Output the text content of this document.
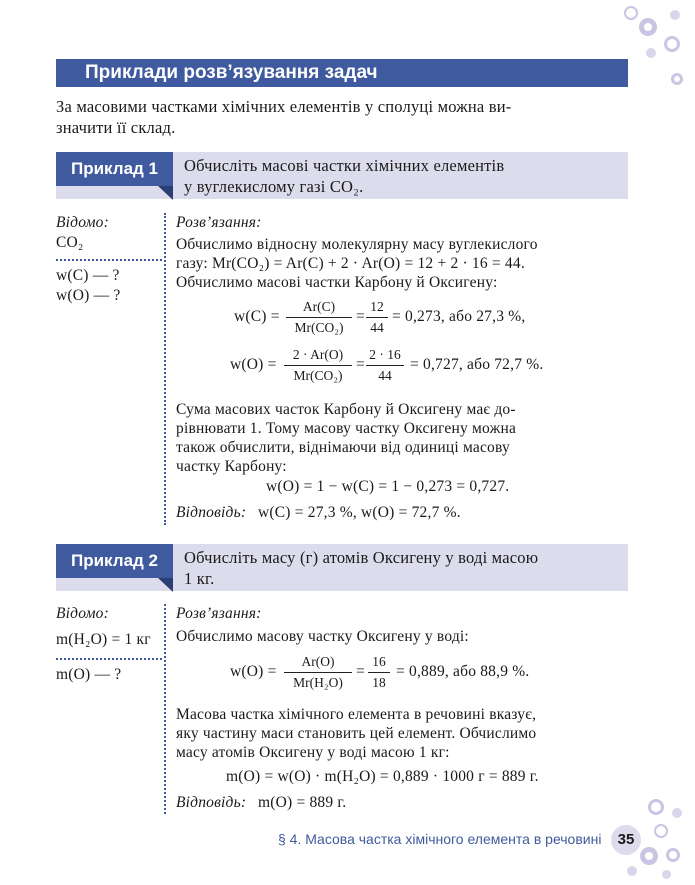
Приклади розв’язування задач
За масовими частками хімічних елементів у сполуці можна ви-
значити її склад.
Приклад 1	Обчисліть масові частки хімічних елементів
у вуглекислому газі CO₂.
Відомо:
CO₂
w(C) — ?
w(O) — ?
Розв’язання:
Обчислимо відносну молекулярну масу вуглекислого
газу: Mr(CO₂) = Ar(C) + 2 · Ar(O) = 12 + 2 · 16 = 44.
Обчислимо масові частки Карбону й Оксигену:
w(C) =
Ar(C)
Mr(CO₂)
=
12
44
= 0,273, або 27,3 %,
w(O) =
2 · Ar(O)
Mr(CO₂)
=
2 · 16
44
= 0,727, або 72,7 %.
Сума масових часток Карбону й Оксигену має до-
рівнювати 1. Тому масову частку Оксигену можна
також обчислити, віднімаючи від одиниці масову
частку Карбону:
w(O) = 1 − w(C) = 1 − 0,273 = 0,727.
Відповідь: w(C) = 27,3 %, w(O) = 72,7 %.
Приклад 2	Обчисліть масу (г) атомів Оксигену у воді масою
1 кг.
Відомо:
m(H₂O) = 1 кг
m(O) — ?
Розв’язання:
Обчислимо масову частку Оксигену у воді:
w(O) =
Ar(O)
Mr(H₂O)
=
16
18
= 0,889, або 88,9 %.
Масова частка хімічного елемента в речовині вказує,
яку частину маси становить цей елемент. Обчислимо
масу атомів Оксигену у воді масою 1 кг:
m(O) = w(O) · m(H₂O) = 0,889 · 1000 г = 889 г.
Відповідь: m(O) = 889 г.
§ 4. Масова частка хімічного елемента в речовині	35
